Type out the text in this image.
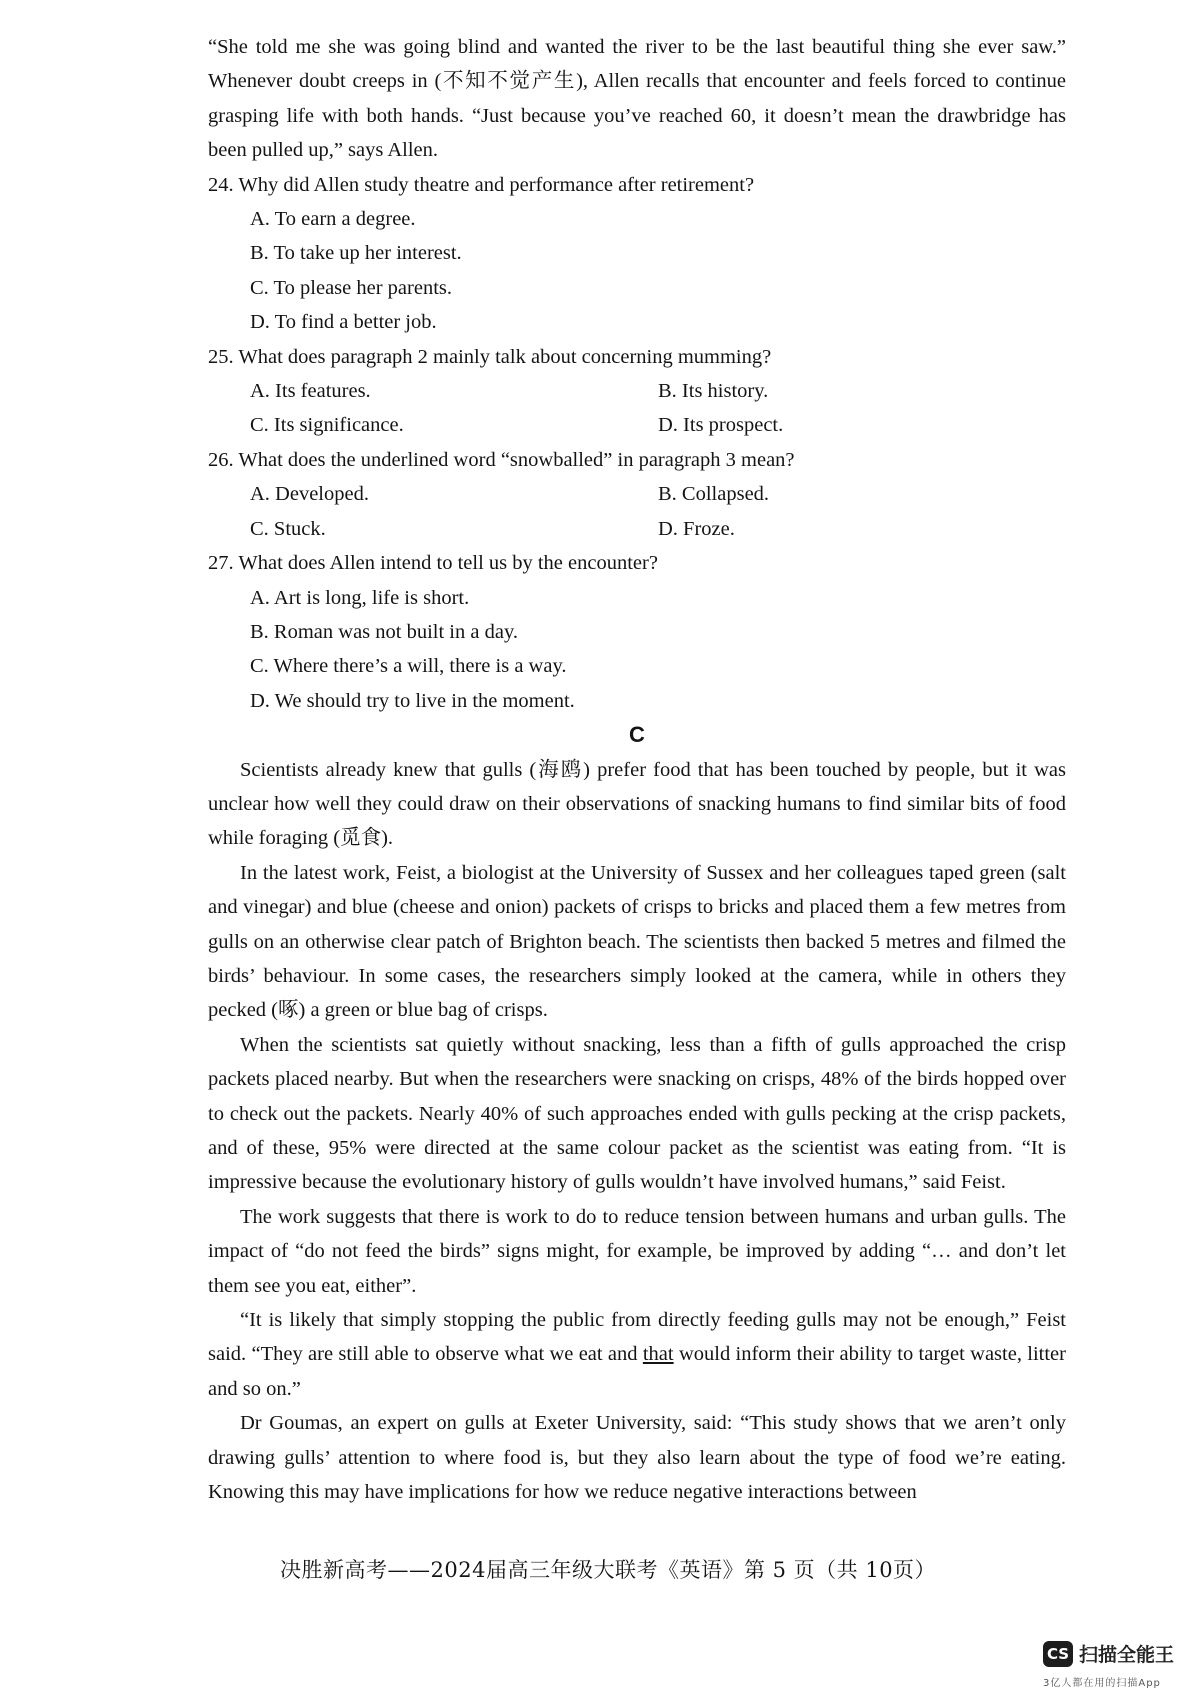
“She told me she was going blind and wanted the river to be the last beautiful thing she ever saw.” Whenever doubt creeps in (不知不觉产生), Allen recalls that encounter and feels forced to continue grasping life with both hands. “Just because you’ve reached 60, it doesn’t mean the drawbridge has been pulled up,” says Allen.

24. Why did Allen study theatre and performance after retirement?

A. To earn a degree.

B. To take up her interest.

C. To please her parents.

D. To find a better job.

25. What does paragraph 2 mainly talk about concerning mumming?

A. Its features.	B. Its history.
C. Its significance.	D. Its prospect.

26. What does the underlined word “snowballed” in paragraph 3 mean?

A. Developed.	B. Collapsed.
C. Stuck.	D. Froze.

27. What does Allen intend to tell us by the encounter?

A. Art is long, life is short.

B. Roman was not built in a day.

C. Where there’s a will, there is a way.

D. We should try to live in the moment.

C

Scientists already knew that gulls (海鸥) prefer food that has been touched by people, but it was unclear how well they could draw on their observations of snacking humans to find similar bits of food while foraging (觅食).

In the latest work, Feist, a biologist at the University of Sussex and her colleagues taped green (salt and vinegar) and blue (cheese and onion) packets of crisps to bricks and placed them a few metres from gulls on an otherwise clear patch of Brighton beach. The scientists then backed 5 metres and filmed the birds’ behaviour. In some cases, the researchers simply looked at the camera, while in others they pecked (啄) a green or blue bag of crisps.

When the scientists sat quietly without snacking, less than a fifth of gulls approached the crisp packets placed nearby. But when the researchers were snacking on crisps, 48% of the birds hopped over to check out the packets. Nearly 40% of such approaches ended with gulls pecking at the crisp packets, and of these, 95% were directed at the same colour packet as the scientist was eating from. “It is impressive because the evolutionary history of gulls wouldn’t have involved humans,” said Feist.

The work suggests that there is work to do to reduce tension between humans and urban gulls. The impact of “do not feed the birds” signs might, for example, be improved by adding “… and don’t let them see you eat, either”.

“It is likely that simply stopping the public from directly feeding gulls may not be enough,” Feist said. “They are still able to observe what we eat and that would inform their ability to target waste, litter and so on.”

Dr Goumas, an expert on gulls at Exeter University, said: “This study shows that we aren’t only drawing gulls’ attention to where food is, but they also learn about the type of food we’re eating. Knowing this may have implications for how we reduce negative interactions between

决胜新高考——2024届高三年级大联考《英语》第 5 页（共 10页）
CS 扫描全能王
3亿人都在用的扫描App
